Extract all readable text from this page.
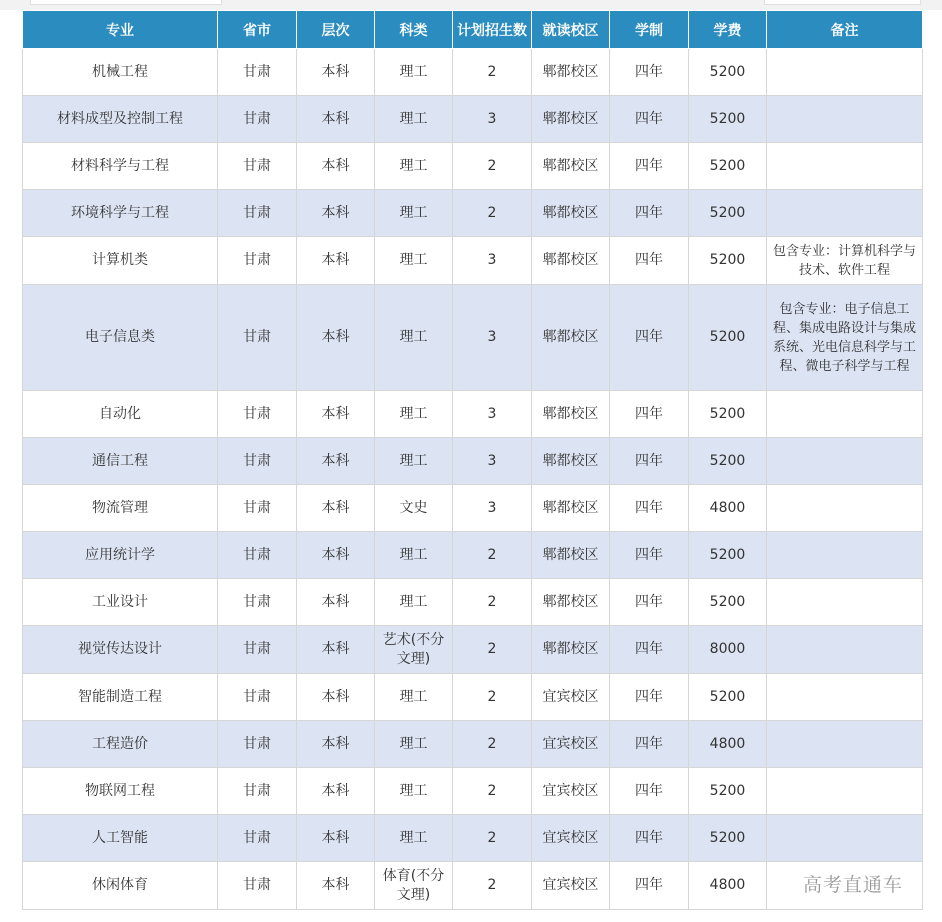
专业	省市	层次	科类	计划招生数	就读校区	学制	学费	备注
机械工程	甘肃	本科	理工	2	郫都校区	四年	5200	
材料成型及控制工程	甘肃	本科	理工	3	郫都校区	四年	5200	
材料科学与工程	甘肃	本科	理工	2	郫都校区	四年	5200	
环境科学与工程	甘肃	本科	理工	2	郫都校区	四年	5200	
计算机类	甘肃	本科	理工	3	郫都校区	四年	5200	包含专业：计算机科学与技术、软件工程
电子信息类	甘肃	本科	理工	3	郫都校区	四年	5200	包含专业：电子信息工程、集成电路设计与集成系统、光电信息科学与工程、微电子科学与工程
自动化	甘肃	本科	理工	3	郫都校区	四年	5200	
通信工程	甘肃	本科	理工	3	郫都校区	四年	5200	
物流管理	甘肃	本科	文史	3	郫都校区	四年	4800	
应用统计学	甘肃	本科	理工	2	郫都校区	四年	5200	
工业设计	甘肃	本科	理工	2	郫都校区	四年	5200	
视觉传达设计	甘肃	本科	艺术(不分文理)	2	郫都校区	四年	8000	
智能制造工程	甘肃	本科	理工	2	宜宾校区	四年	5200	
工程造价	甘肃	本科	理工	2	宜宾校区	四年	4800	
物联网工程	甘肃	本科	理工	2	宜宾校区	四年	5200	
人工智能	甘肃	本科	理工	2	宜宾校区	四年	5200	
休闲体育	甘肃	本科	体育(不分文理)	2	宜宾校区	四年	4800		高考直通车
